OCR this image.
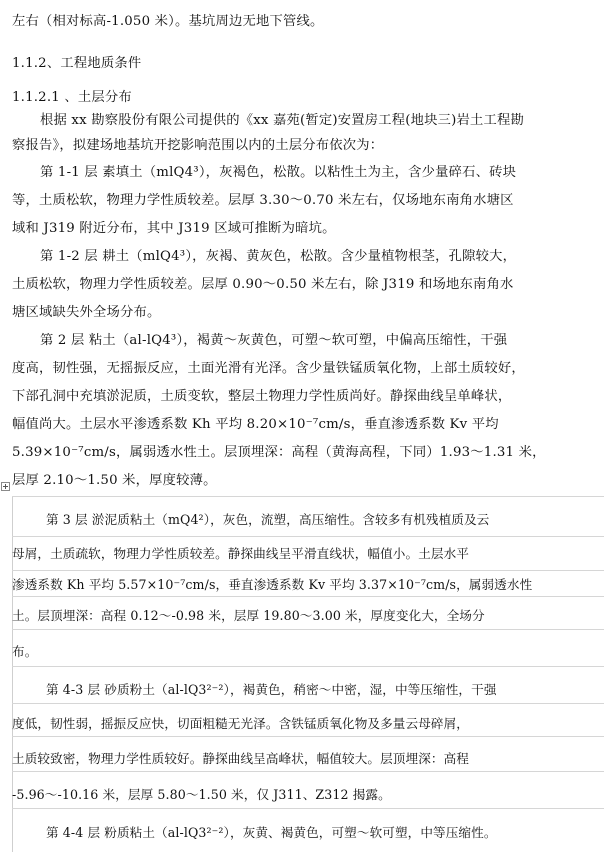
左右（相对标高-1.050 米）。基坑周边无地下管线。
1.1.2、工程地质条件
1.1.2.1 、土层分布
根据 xx 勘察股份有限公司提供的《xx 嘉苑(暂定)安置房工程(地块三)岩土工程勘
察报告》，拟建场地基坑开挖影响范围以内的土层分布依次为：
第 1-1 层 素填土（mlQ4³），灰褐色，松散。以粘性土为主，含少量碎石、砖块
等，土质松软，物理力学性质较差。层厚 3.30～0.70 米左右，仅场地东南角水塘区
域和 J319 附近分布，其中 J319 区域可推断为暗坑。
第 1-2 层 耕土（mlQ4³），灰褐、黄灰色，松散。含少量植物根茎，孔隙较大，
土质松软，物理力学性质较差。层厚 0.90～0.50 米左右，除 J319 和场地东南角水
塘区域缺失外全场分布。
第 2 层 粘土（al-lQ4³），褐黄～灰黄色，可塑～软可塑，中偏高压缩性，干强
度高，韧性强，无摇振反应，土面光滑有光泽。含少量铁锰质氧化物，上部土质较好，
下部孔洞中充填淤泥质，土质变软，整层土物理力学性质尚好。静探曲线呈单峰状，
幅值尚大。土层水平渗透系数 Kh 平均 8.20×10⁻⁷cm/s，垂直渗透系数 Kv 平均
5.39×10⁻⁷cm/s，属弱透水性土。层顶埋深：高程（黄海高程，下同）1.93～1.31 米，
层厚 2.10～1.50 米，厚度较薄。
第 3 层 淤泥质粘土（mQ4²），灰色，流塑，高压缩性。含较多有机残植质及云
母屑，土质疏软，物理力学性质较差。静探曲线呈平滑直线状，幅值小。土层水平
渗透系数 Kh 平均 5.57×10⁻⁷cm/s，垂直渗透系数 Kv 平均 3.37×10⁻⁷cm/s，属弱透水性
土。层顶埋深：高程 0.12～-0.98 米，层厚 19.80～3.00 米，厚度变化大，全场分
布。
第 4-3 层 砂质粉土（al-lQ3²⁻²），褐黄色，稍密～中密，湿，中等压缩性，干强
度低，韧性弱，摇振反应快，切面粗糙无光泽。含铁锰质氧化物及多量云母碎屑，
土质较致密，物理力学性质较好。静探曲线呈高峰状，幅值较大。层顶埋深：高程
-5.96～-10.16 米，层厚 5.80～1.50 米，仅 J311、Z312 揭露。
第 4-4 层 粉质粘土（al-lQ3²⁻²），灰黄、褐黄色，可塑～软可塑，中等压缩性。
